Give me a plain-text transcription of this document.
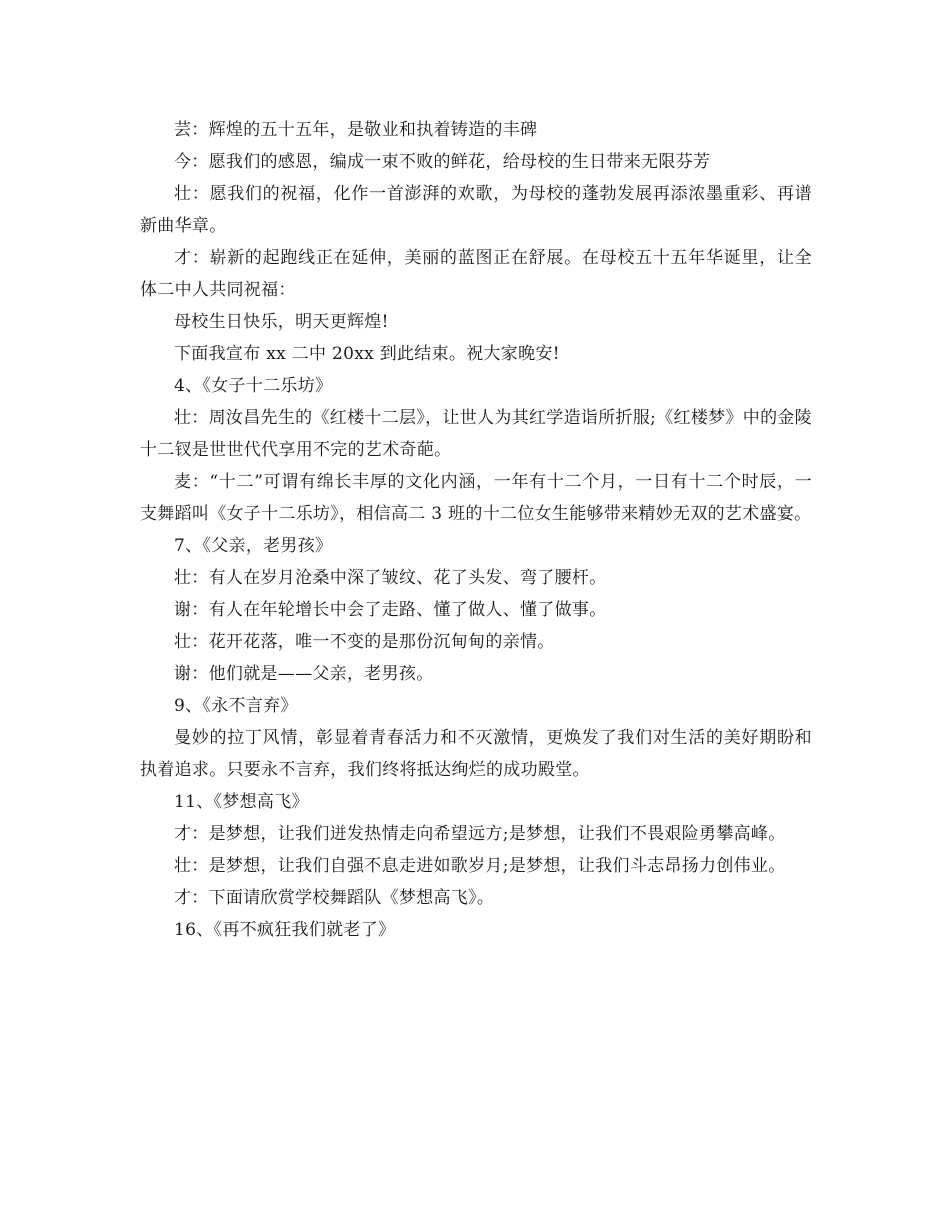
芸：辉煌的五十五年，是敬业和执着铸造的丰碑

今：愿我们的感恩，编成一束不败的鲜花，给母校的生日带来无限芬芳

壮：愿我们的祝福，化作一首澎湃的欢歌，为母校的蓬勃发展再添浓墨重彩、再谱新曲华章。

才：崭新的起跑线正在延伸，美丽的蓝图正在舒展。在母校五十五年华诞里，让全体二中人共同祝福：

母校生日快乐，明天更辉煌!

下面我宣布 xx 二中 20xx 到此结束。祝大家晚安!

4、《女子十二乐坊》

壮：周汝昌先生的《红楼十二层》，让世人为其红学造诣所折服;《红楼梦》中的金陵十二钗是世世代代享用不完的艺术奇葩。

麦：“十二”可谓有绵长丰厚的文化内涵，一年有十二个月，一日有十二个时辰，一支舞蹈叫《女子十二乐坊》，相信高二 3 班的十二位女生能够带来精妙无双的艺术盛宴。

7、《父亲，老男孩》

壮：有人在岁月沧桑中深了皱纹、花了头发、弯了腰杆。

谢：有人在年轮增长中会了走路、懂了做人、懂了做事。

壮：花开花落，唯一不变的是那份沉甸甸的亲情。

谢：他们就是——父亲，老男孩。

9、《永不言弃》

曼妙的拉丁风情，彰显着青春活力和不灭激情，更焕发了我们对生活的美好期盼和执着追求。只要永不言弃，我们终将抵达绚烂的成功殿堂。

11、《梦想高飞》

才：是梦想，让我们迸发热情走向希望远方;是梦想，让我们不畏艰险勇攀高峰。

壮：是梦想，让我们自强不息走进如歌岁月;是梦想，让我们斗志昂扬力创伟业。

才：下面请欣赏学校舞蹈队《梦想高飞》。

16、《再不疯狂我们就老了》
